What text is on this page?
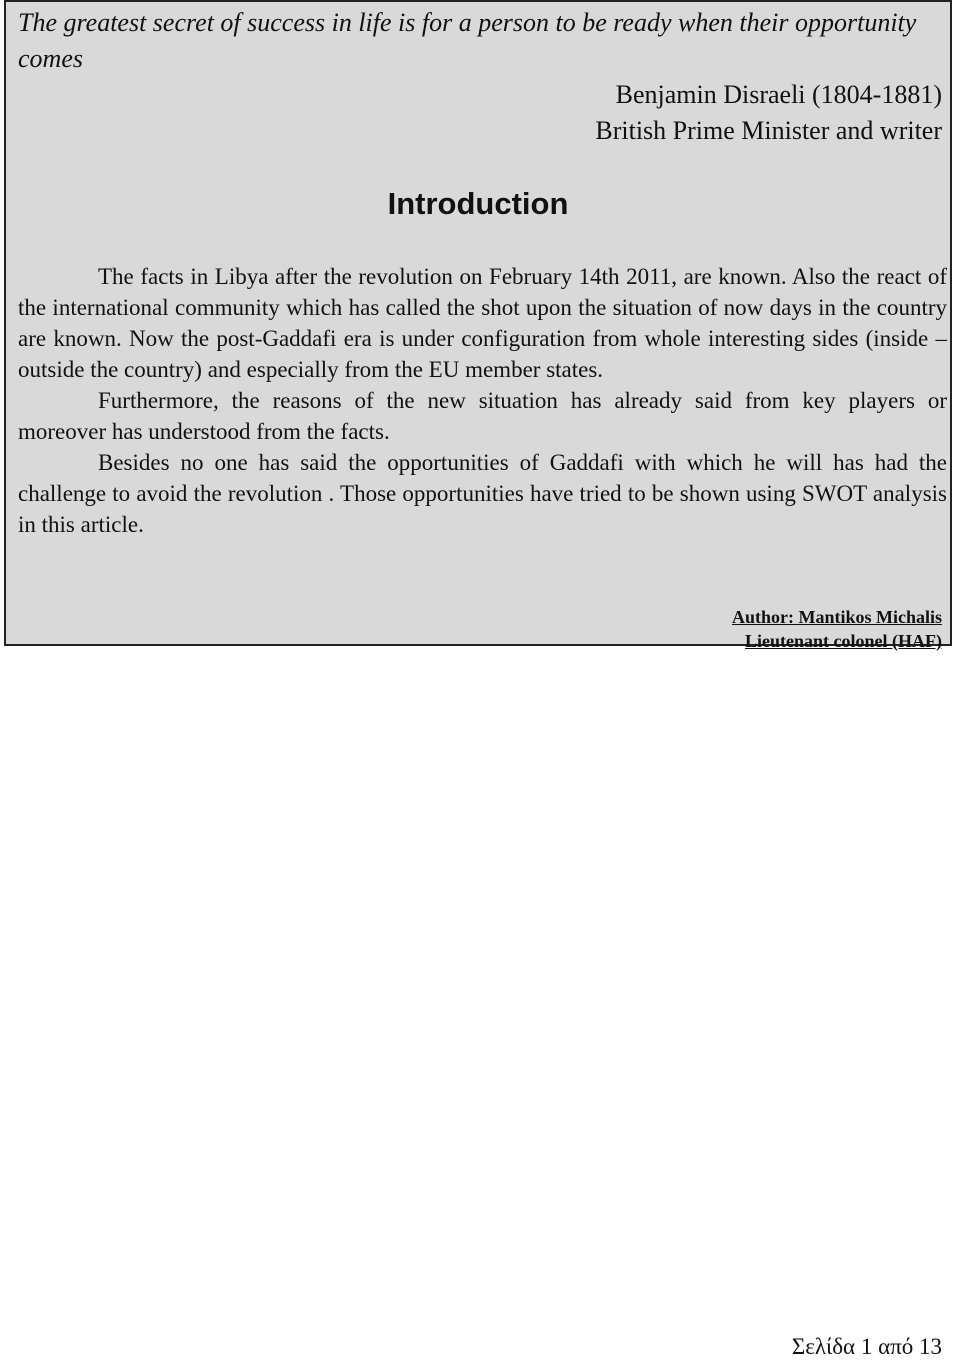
The greatest secret of success in life is for a person to be ready when their opportunity comes

Benjamin Disraeli (1804-1881)
British Prime Minister and writer
Introduction

The facts in Libya after the revolution on February 14th 2011, are known. Also the react of the international community which has called the shot upon the situation of now days in the country are known. Now the post-Gaddafi era is under configuration from whole interesting sides (inside – outside the country) and especially from the EU member states.

Furthermore, the reasons of the new situation has already said from key players or moreover has understood from the facts.

Besides no one has said the opportunities of Gaddafi with which he will has had the challenge to avoid the revolution . Those opportunities have tried to be shown using SWOT analysis in this article.

Author: Mantikos Michalis
Lieutenant colonel (HAF)
Σελίδα 1 από 13
